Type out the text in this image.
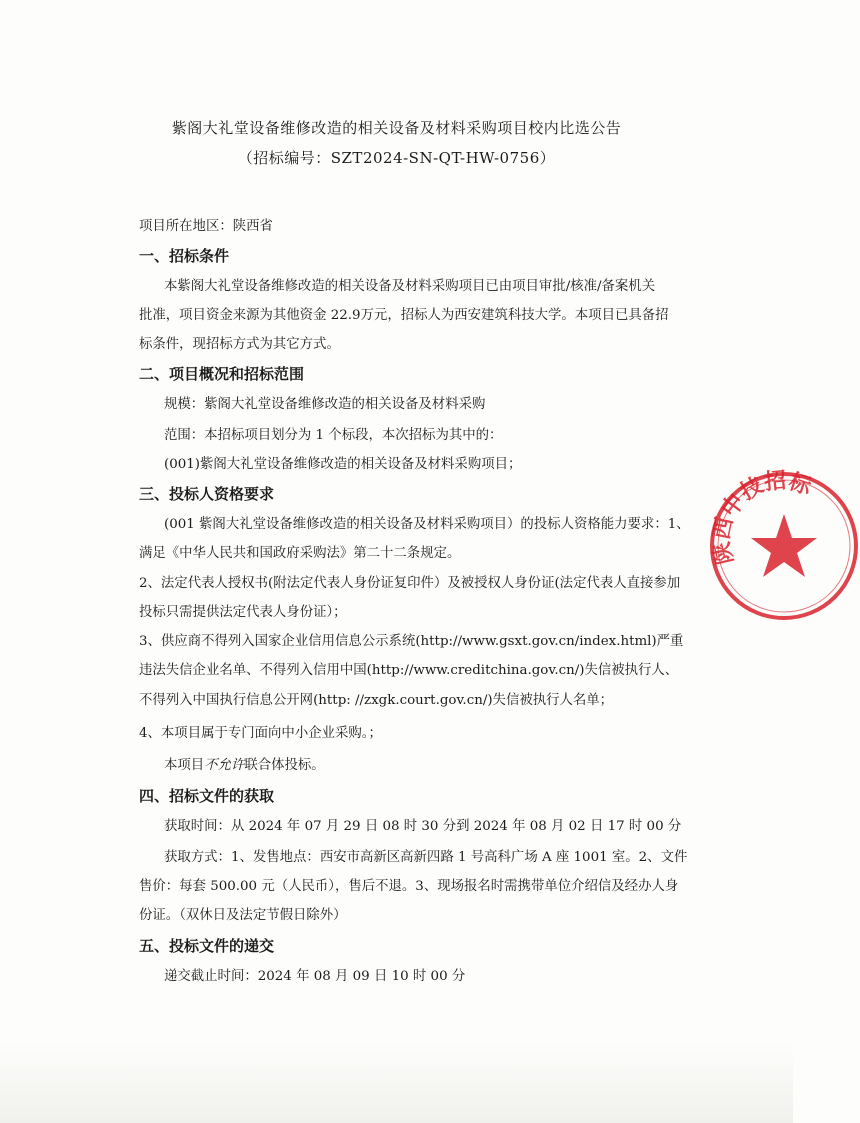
紫阁大礼堂设备维修改造的相关设备及材料采购项目校内比选公告
（招标编号：SZT2024-SN-QT-HW-0756）
项目所在地区：陕西省
一、招标条件
本紫阁大礼堂设备维修改造的相关设备及材料采购项目已由项目审批/核准/备案机关
批准，项目资金来源为其他资金 22.9万元，招标人为西安建筑科技大学。本项目已具备招
标条件，现招标方式为其它方式。
二、项目概况和招标范围
规模：紫阁大礼堂设备维修改造的相关设备及材料采购
范围：本招标项目划分为 1 个标段，本次招标为其中的：
(001)紫阁大礼堂设备维修改造的相关设备及材料采购项目；
三、投标人资格要求
(001 紫阁大礼堂设备维修改造的相关设备及材料采购项目）的投标人资格能力要求：1、
满足《中华人民共和国政府采购法》第二十二条规定。
2、法定代表人授权书(附法定代表人身份证复印件）及被授权人身份证(法定代表人直接参加
投标只需提供法定代表人身份证）；
3、供应商不得列入国家企业信用信息公示系统(http://www.gsxt.gov.cn/index.html)严重
违法失信企业名单、不得列入信用中国(http://www.creditchina.gov.cn/)失信被执行人、
不得列入中国执行信息公开网(http: //zxgk.court.gov.cn/)失信被执行人名单；
4、本项目属于专门面向中小企业采购。；
本项目不允许联合体投标。
四、招标文件的获取
获取时间：从 2024 年 07 月 29 日 08 时 30 分到 2024 年 08 月 02 日 17 时 00 分
获取方式：1、发售地点：西安市高新区高新四路 1 号高科广场 A 座 1001 室。2、文件
售价：每套 500.00 元（人民币），售后不退。3、现场报名时需携带单位介绍信及经办人身
份证。（双休日及法定节假日除外）
五、投标文件的递交
递交截止时间：2024 年 08 月 09 日 10 时 00 分
陕西中技招标
